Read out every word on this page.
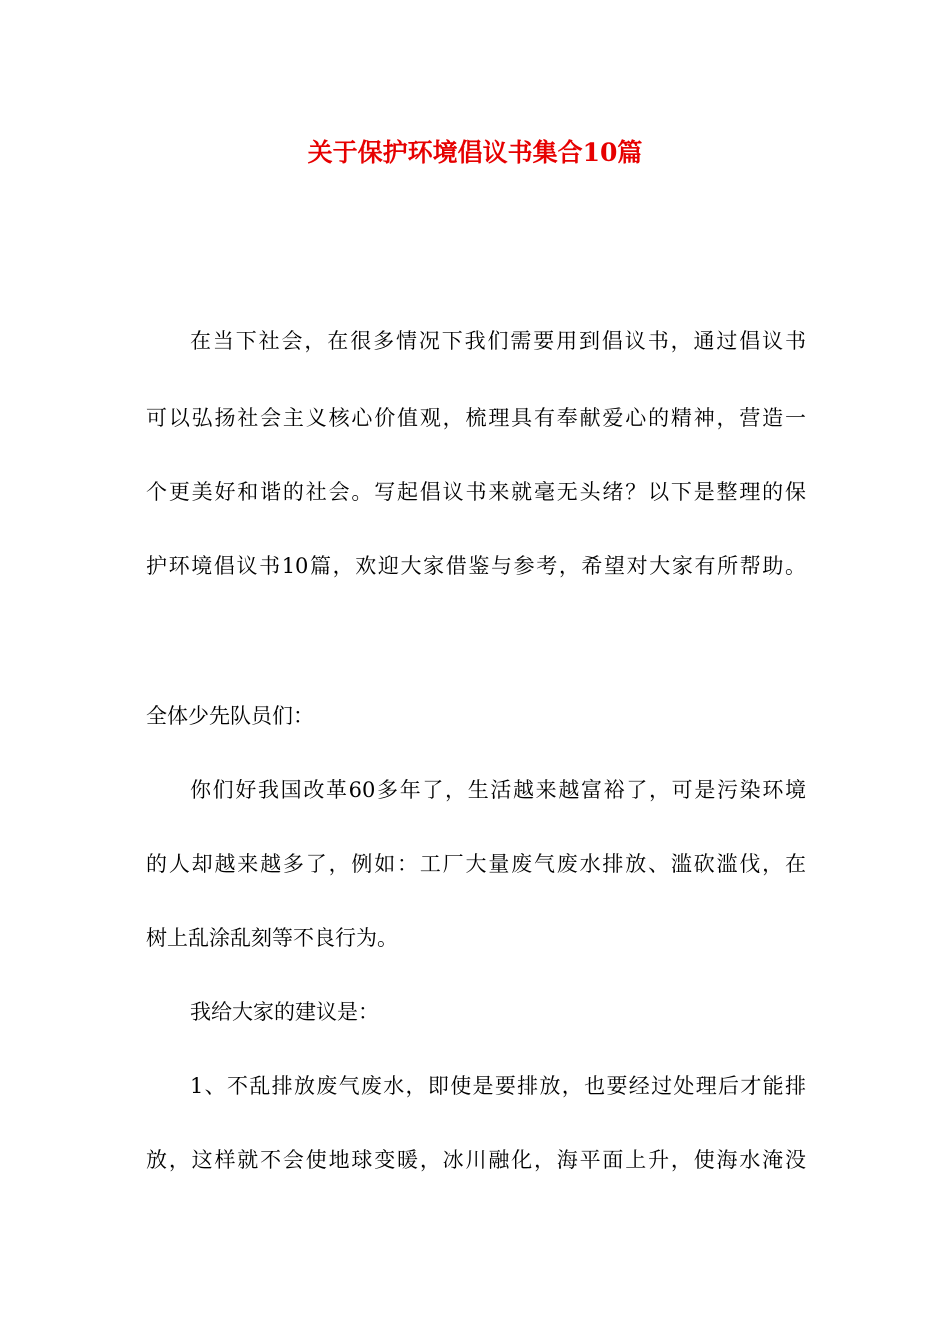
关于保护环境倡议书集合10篇
在当下社会，在很多情况下我们需要用到倡议书，通过倡议书
可以弘扬社会主义核心价值观，梳理具有奉献爱心的精神，营造一
个更美好和谐的社会。写起倡议书来就毫无头绪？以下是整理的保
护环境倡议书10篇，欢迎大家借鉴与参考，希望对大家有所帮助。
全体少先队员们：
你们好我国改革60多年了，生活越来越富裕了，可是污染环境
的人却越来越多了，例如：工厂大量废气废水排放、滥砍滥伐，在
树上乱涂乱刻等不良行为。
我给大家的建议是：
1、不乱排放废气废水，即使是要排放，也要经过处理后才能排
放，这样就不会使地球变暖，冰川融化，海平面上升，使海水淹没
